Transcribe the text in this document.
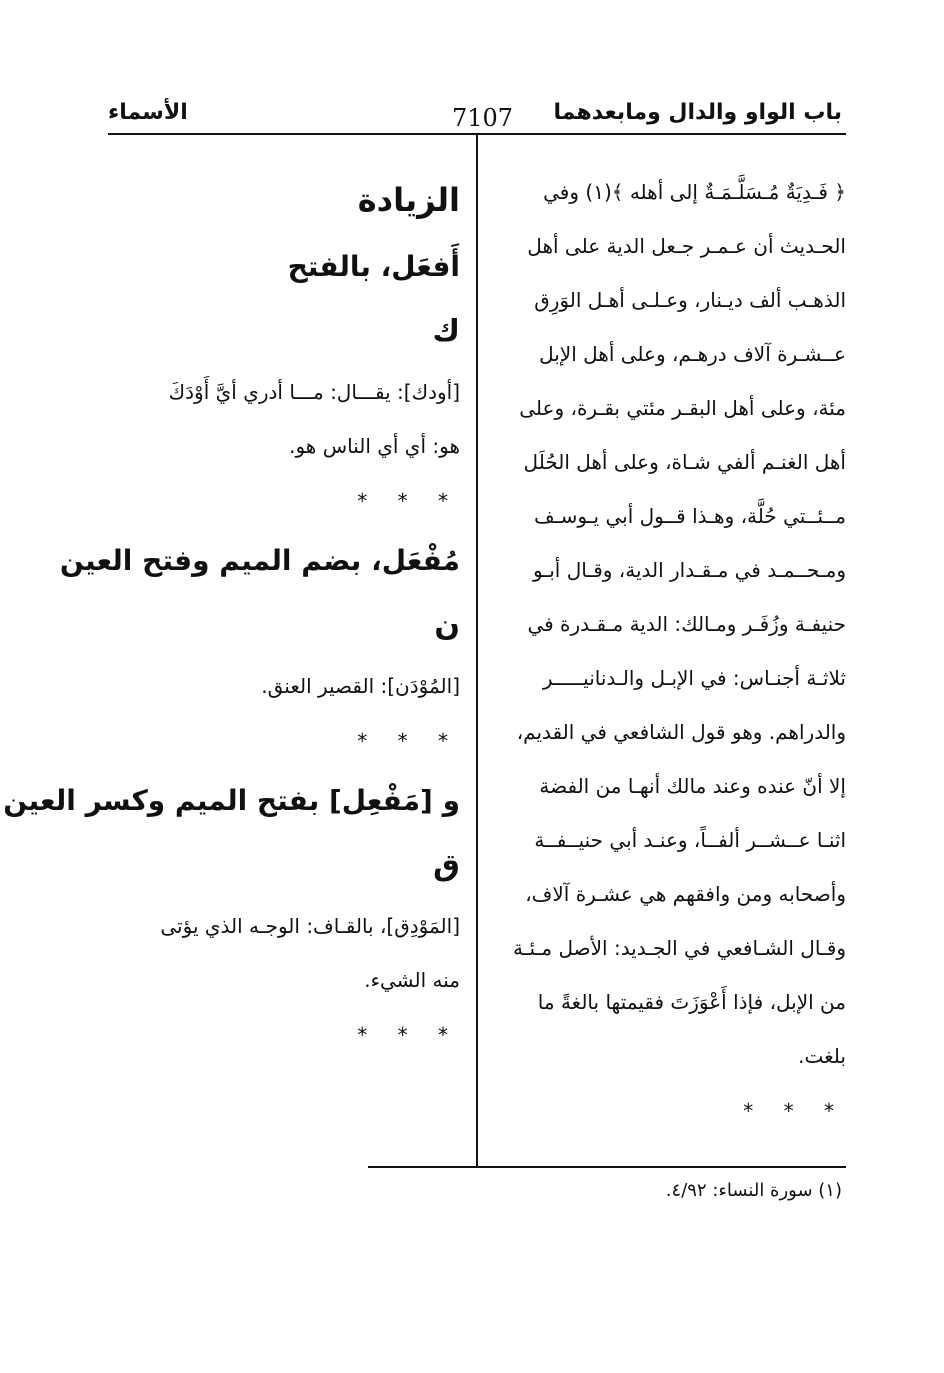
باب الواو والدال ومابعدهما
7107
الأسماء
﴿ فَـدِيَةٌ مُـسَلَّـمَـةٌ إلى أهله ﴾(١) وفي
الحـديث أن عـمـر جـعل الدية على أهل
الذهـب ألف ديـنار، وعـلـى أهـل الوَرِق
عــشـرة آلاف درهـم، وعلى أهل الإبل
مئة، وعلى أهل البقـر مئتي بقـرة، وعلى
أهل الغنـم ألفي شـاة، وعلى أهل الحُلَل
مــئــتي حُلَّة، وهـذا قــول أبي يـوسـف
ومـحــمـد في مـقـدار الدية، وقـال أبـو
حنيفـة وزُفَـر ومـالك: الدية مـقـدرة في
ثلاثـة أجنـاس: في الإبـل والـدنانيـــــر
والدراهم. وهو قول الشافعي في القديم،
إلا أنّ عنده وعند مالك أنهـا من الفضة
اثنـا عــشــر ألفــاً، وعنـد أبي حنيــفــة
وأصحابه ومن وافقهم هي عشـرة آلاف،
وقـال الشـافعي في الجـديد: الأصل مـئـة
من الإبل، فإذا أَعْوَزَتَ فقيمتها بالغةً ما
بلغت.
* * *
الزيادة
أَفعَل، بالفتح
ك
[أودك]: يقـــال: مـــا أدري أيَّ أَوْدَكَ
هو: أي أي الناس هو.
* * *
مُفْعَل، بضم الميم وفتح العين
ن
[المُوْدَن]: القصير العنق.
* * *
و [مَفْعِل] بفتح الميم وكسر العين
ق
[المَوْدِق]، بالقـاف: الوجـه الذي يؤتى
منه الشيء.
* * *
(١) سورة النساء: ٤/٩٢.
